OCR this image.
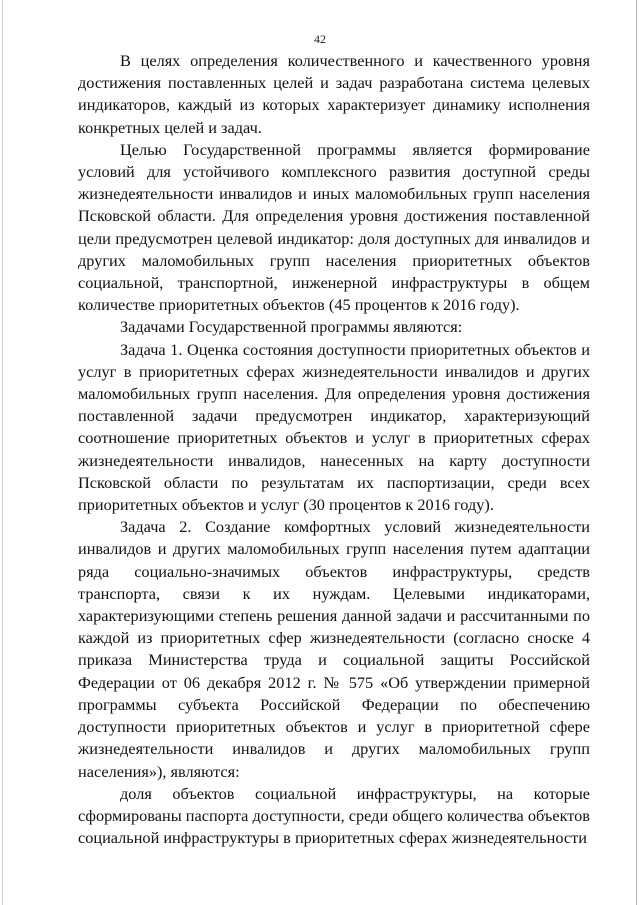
42

В целях определения количественного и качественного уровня достижения поставленных целей и задач разработана система целевых индикаторов, каждый из которых характеризует динамику исполнения конкретных целей и задач.

Целью Государственной программы является формирование условий для устойчивого комплексного развития доступной среды жизнедеятельности инвалидов и иных маломобильных групп населения Псковской области. Для определения уровня достижения поставленной цели предусмотрен целевой индикатор: доля доступных для инвалидов и других маломобильных групп населения приоритетных объектов социальной, транспортной, инженерной инфраструктуры в общем количестве приоритетных объектов (45 процентов к 2016 году).

Задачами Государственной программы являются:

Задача 1. Оценка состояния доступности приоритетных объектов и услуг в приоритетных сферах жизнедеятельности инвалидов и других маломобильных групп населения. Для определения уровня достижения поставленной задачи предусмотрен индикатор, характеризующий соотношение приоритетных объектов и услуг в приоритетных сферах жизнедеятельности инвалидов, нанесенных на карту доступности Псковской области по результатам их паспортизации, среди всех приоритетных объектов и услуг (30 процентов к 2016 году).

Задача 2. Создание комфортных условий жизнедеятельности инвалидов и других маломобильных групп населения путем адаптации ряда социально-значимых объектов инфраструктуры, средств транспорта, связи к их нуждам. Целевыми индикаторами, характеризующими степень решения данной задачи и рассчитанными по каждой из приоритетных сфер жизнедеятельности (согласно сноске 4 приказа Министерства труда и социальной защиты Российской Федерации от 06 декабря 2012 г. № 575 «Об утверждении примерной программы субъекта Российской Федерации по обеспечению доступности приоритетных объектов и услуг в приоритетной сфере жизнедеятельности инвалидов и других маломобильных групп населения»), являются:

доля объектов социальной инфраструктуры, на которые сформированы паспорта доступности, среди общего количества объектов социальной инфраструктуры в приоритетных сферах жизнедеятельности
